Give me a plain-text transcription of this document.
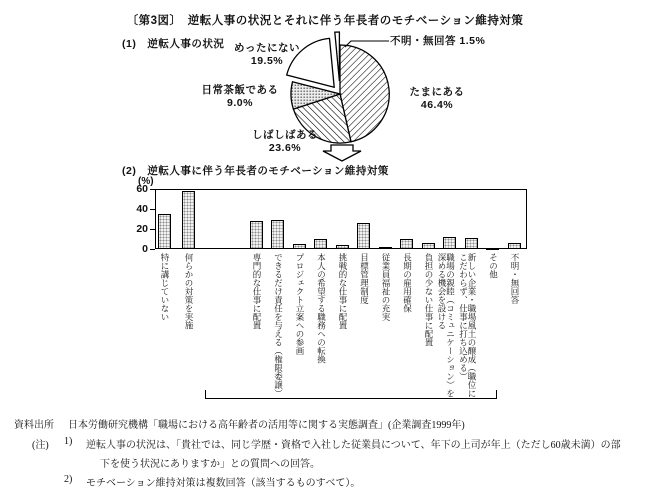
〔第3図〕　逆転人事の状況とそれに伴う年長者のモチベーション維持対策
(1)　逆転人事の状況
(2)　逆転人事に伴う年長者のモチベーション維持対策
めったにない
19.5%
不明・無回答 1.5%
たまにある
46.4%
日常茶飯である
9.0%
しばしばある
23.6%
(%)
資料出所 日本労働研究機構「職場における高年齢者の活用等に関する実態調査」(企業調査1999年)
(注) 1) 逆転人事の状況は、「貴社では、同じ学歴・資格で入社した従業員について、年下の上司が年上（ただし60歳未満）の部
下を使う状況にありますか」との質問への回答。
2) モチベーション維持対策は複数回答（該当するものすべて）。
60
40
20
0
特に講じていない 何らかの対策を実施	専門的な仕事に配置 できるだけ責任を与える（権限委譲） プロジェクト立案への参画 本人の希望する職務への転換 挑戦的な仕事に配置 目標管理制度 従業員福祉の充実 長期の雇用確保 負担の少ない仕事に配置	職場の親睦（コミュニケーション）を深める機会を設ける	新しい企業・職場風土の醸成（職位にこだわらず、仕事に打ち込める）	その他 不明・無回答
